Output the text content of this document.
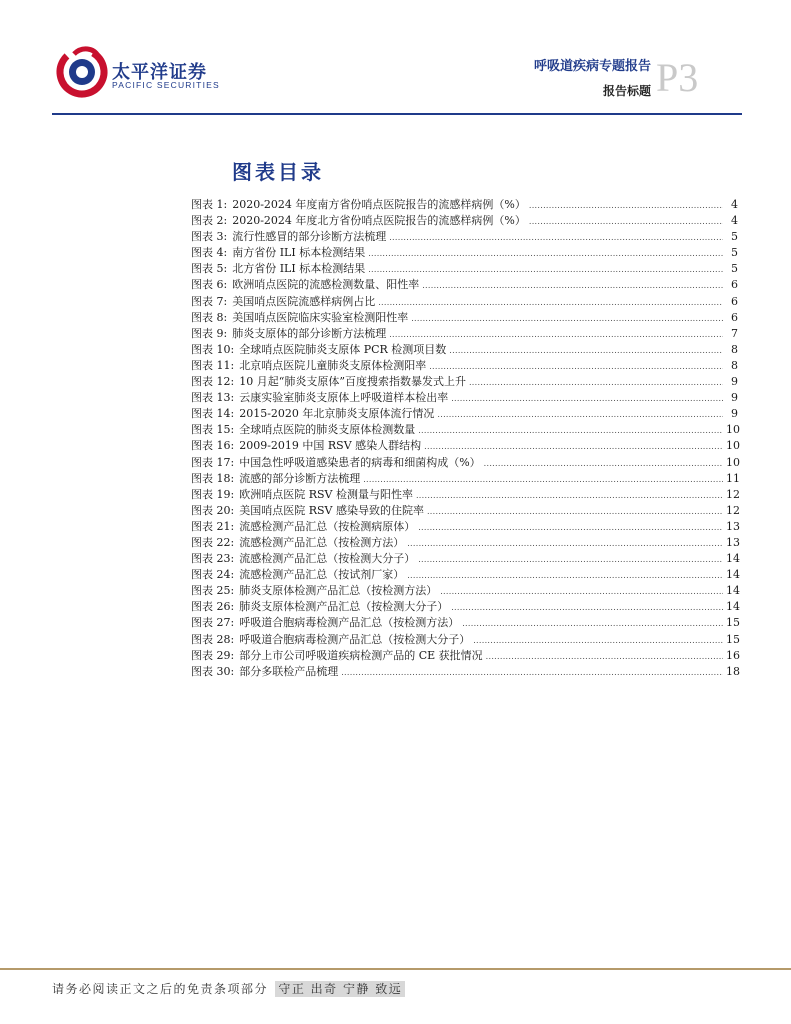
太平洋证券
PACIFIC SECURITIES
呼吸道疾病专题报告
报告标题 P3
图表目录
图表 1: 2020-2024 年度南方省份哨点医院报告的流感样病例（%） .....	4
图表 2: 2020-2024 年度北方省份哨点医院报告的流感样病例（%） .....	4
图表 3: 流行性感冒的部分诊断方法梳理 .....	5
图表 4: 南方省份 ILI 标本检测结果 .....	5
图表 5: 北方省份 ILI 标本检测结果 .....	5
图表 6: 欧洲哨点医院的流感检测数量、阳性率 .....	6
图表 7: 美国哨点医院流感样病例占比 .....	6
图表 8: 美国哨点医院临床实验室检测阳性率 .....	6
图表 9: 肺炎支原体的部分诊断方法梳理 .....	7
图表 10: 全球哨点医院肺炎支原体 PCR 检测项目数 .....	8
图表 11: 北京哨点医院儿童肺炎支原体检测阳率 .....	8
图表 12: 10 月起“肺炎支原体”百度搜索指数暴发式上升 .....	9
图表 13: 云康实验室肺炎支原体上呼吸道样本检出率 .....	9
图表 14: 2015-2020 年北京肺炎支原体流行情况 .....	9
图表 15: 全球哨点医院的肺炎支原体检测数量 .....	10
图表 16: 2009-2019 中国 RSV 感染人群结构 .....	10
图表 17: 中国急性呼吸道感染患者的病毒和细菌构成（%） .....	10
图表 18: 流感的部分诊断方法梳理 .....	11
图表 19: 欧洲哨点医院 RSV 检测量与阳性率 .....	12
图表 20: 美国哨点医院 RSV 感染导致的住院率 .....	12
图表 21: 流感检测产品汇总（按检测病原体） .....	13
图表 22: 流感检测产品汇总（按检测方法） .....	13
图表 23: 流感检测产品汇总（按检测大分子） .....	14
图表 24: 流感检测产品汇总（按试剂厂家） .....	14
图表 25: 肺炎支原体检测产品汇总（按检测方法） .....	14
图表 26: 肺炎支原体检测产品汇总（按检测大分子） .....	14
图表 27: 呼吸道合胞病毒检测产品汇总（按检测方法） .....	15
图表 28: 呼吸道合胞病毒检测产品汇总（按检测大分子） .....	15
图表 29: 部分上市公司呼吸道疾病检测产品的 CE 获批情况 .....	16
图表 30: 部分多联检产品梳理 .....	18
请务必阅读正文之后的免责条项部分 守正 出奇 宁静 致远
